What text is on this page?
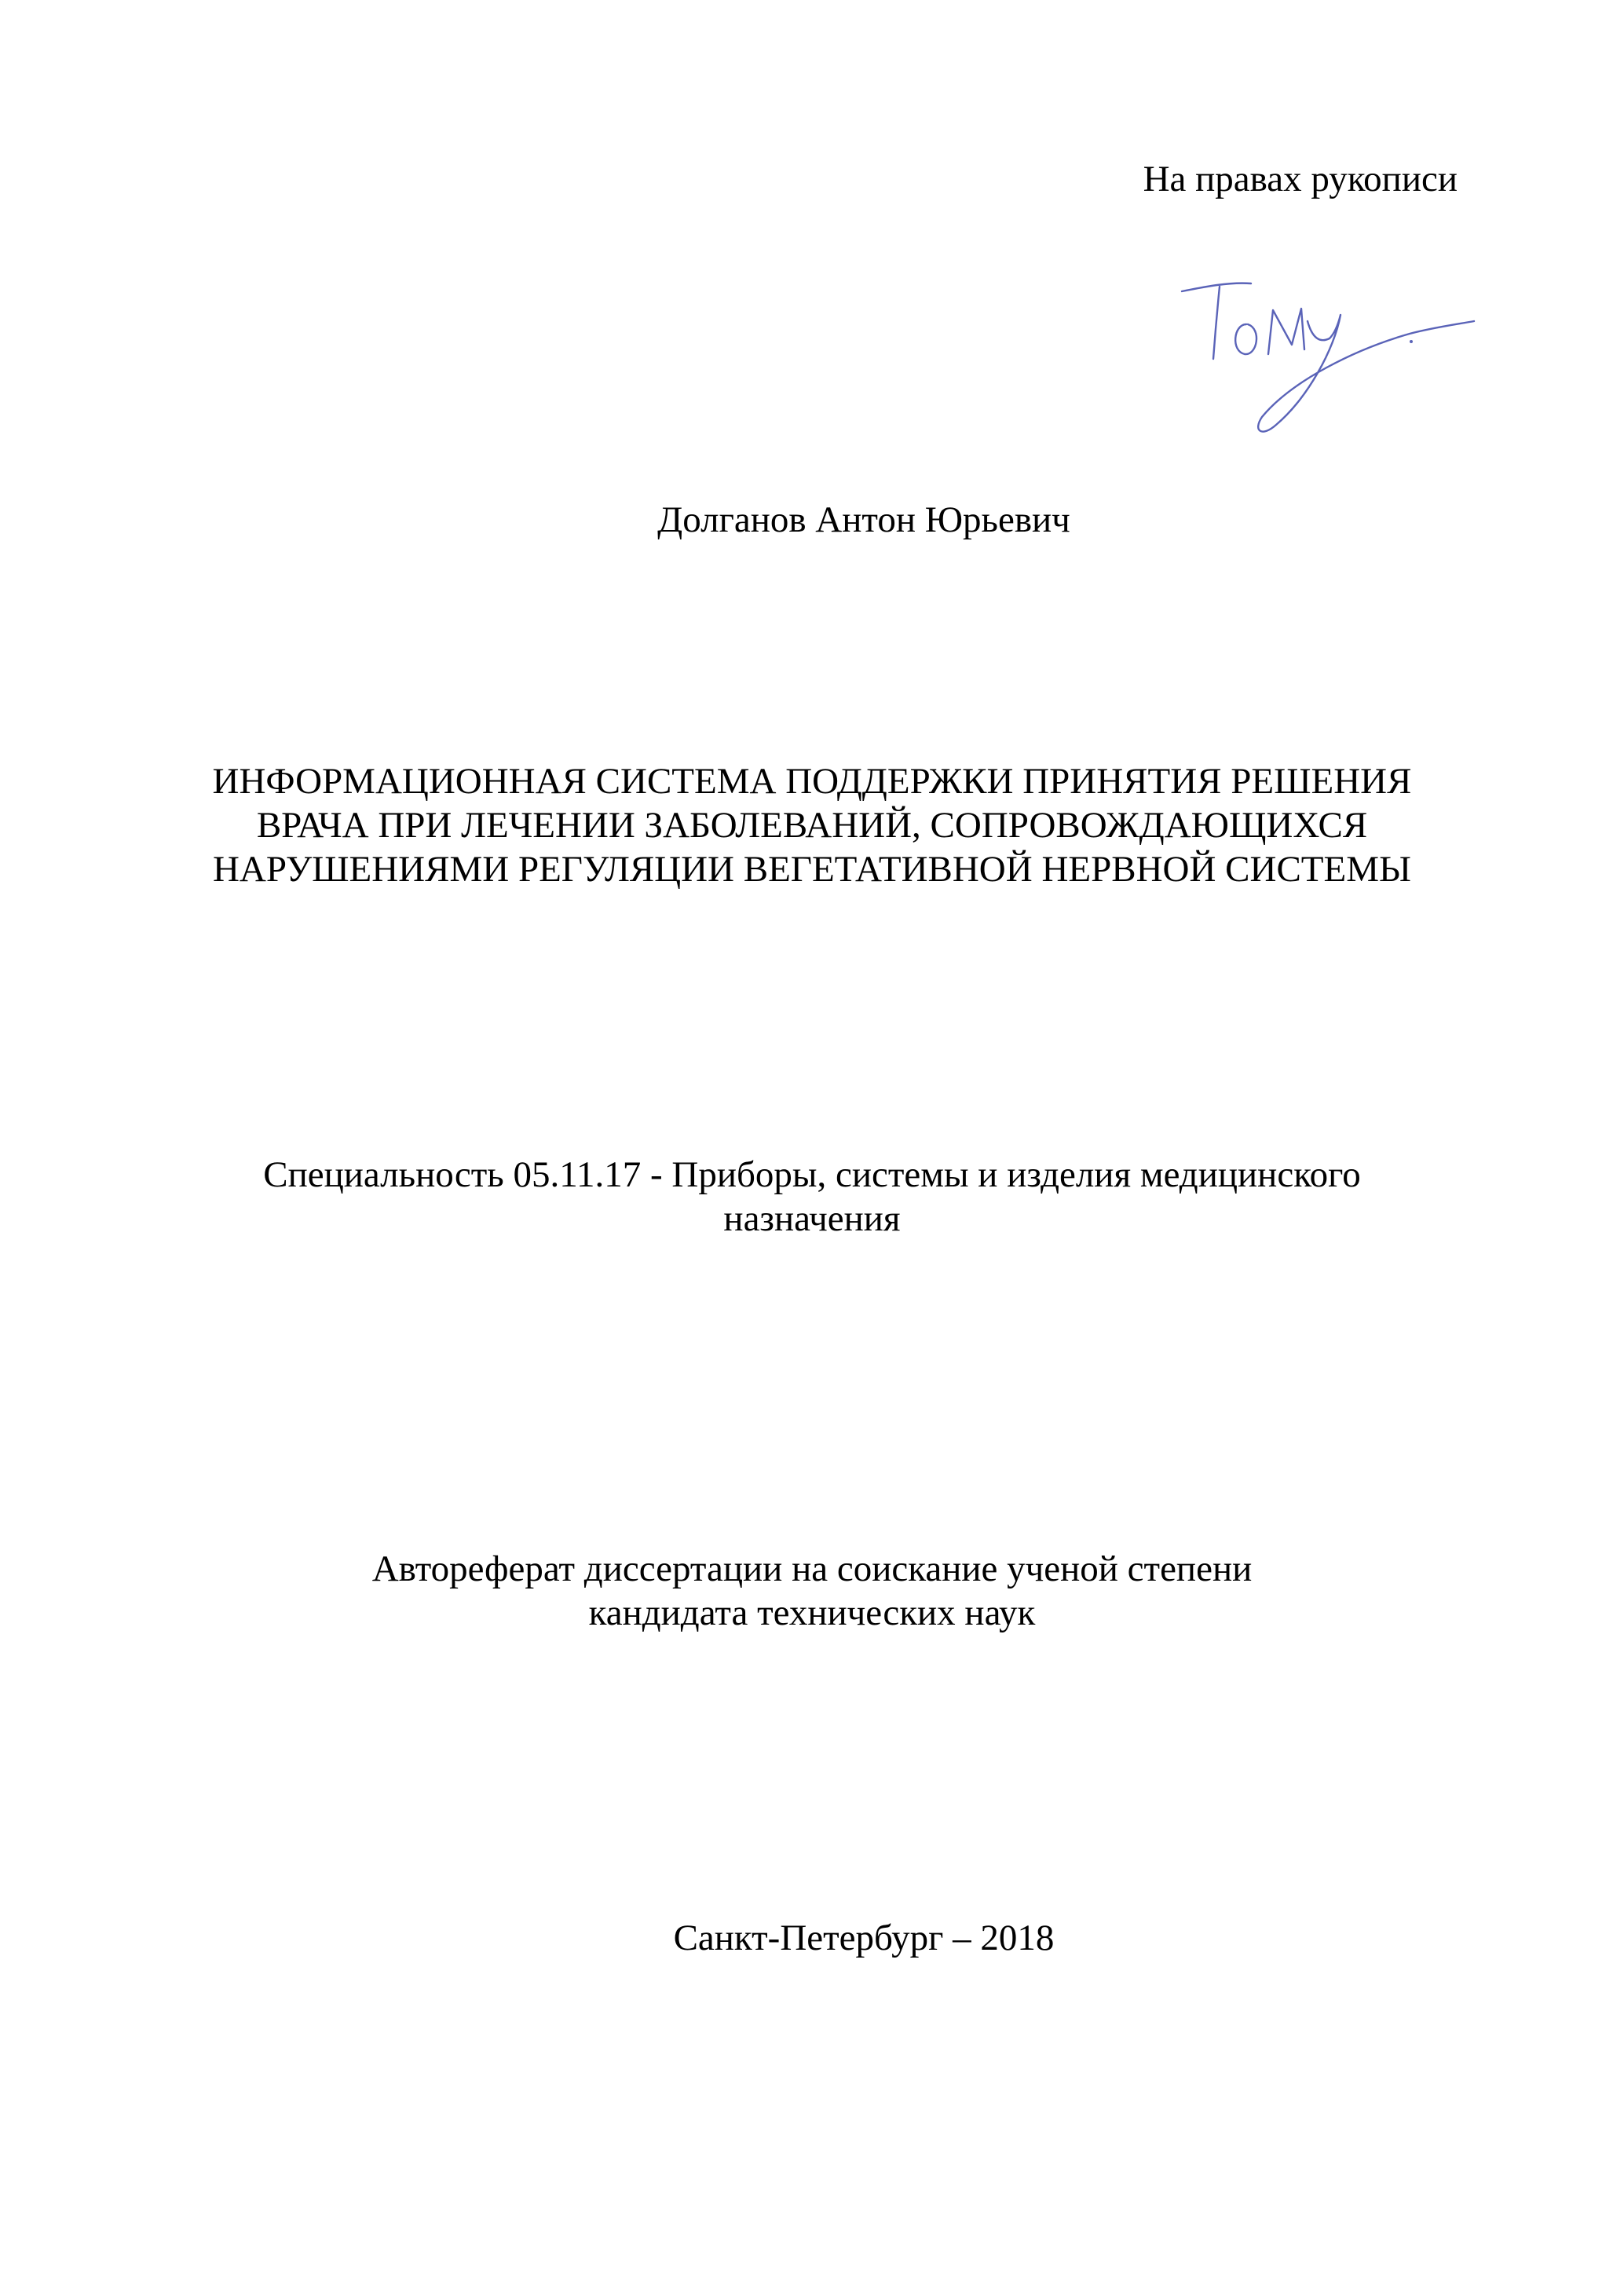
На правах рукописи
Долганов Антон Юрьевич
ИНФОРМАЦИОННАЯ СИСТЕМА ПОДДЕРЖКИ ПРИНЯТИЯ РЕШЕНИЯ
ВРАЧА ПРИ ЛЕЧЕНИИ ЗАБОЛЕВАНИЙ, СОПРОВОЖДАЮЩИХСЯ
НАРУШЕНИЯМИ РЕГУЛЯЦИИ ВЕГЕТАТИВНОЙ НЕРВНОЙ СИСТЕМЫ
Специальность 05.11.17 - Приборы, системы и изделия медицинского
назначения
Автореферат диссертации на соискание ученой степени
кандидата технических наук
Санкт-Петербург – 2018
